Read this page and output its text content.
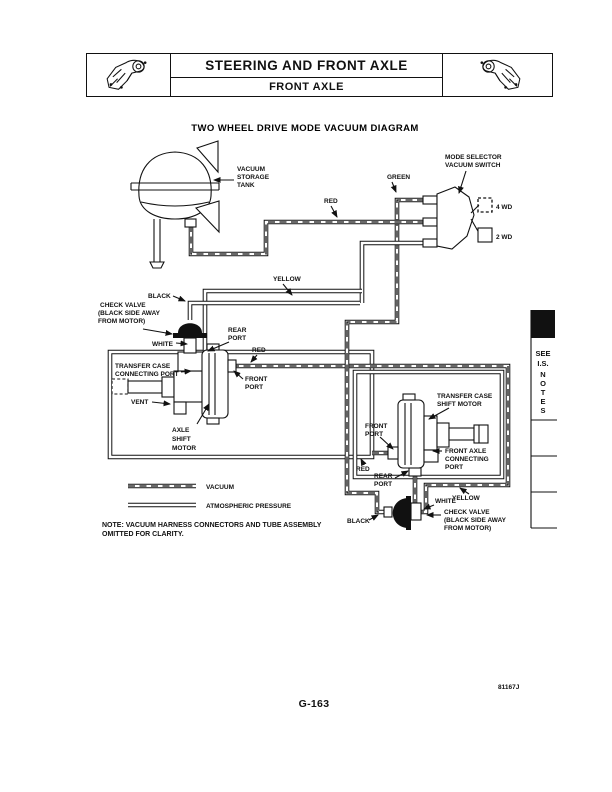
STEERING AND FRONT AXLE
FRONT AXLE
TWO WHEEL DRIVE MODE VACUUM DIAGRAM
VACUUM
STORAGE
TANK
MODE SELECTOR
VACUUM SWITCH
GREEN
RED
4 WD
2 WD
YELLOW
BLACK
CHECK VALVE
(BLACK SIDE AWAY
FROM MOTOR)
WHITE
REAR
PORT
RED
TRANSFER CASE
CONNECTING PORT
FRONT
PORT
VENT
AXLE
SHIFT
MOTOR
TRANSFER CASE
SHIFT MOTOR
FRONT
PORT
RED
FRONT AXLE
CONNECTING
PORT
REAR
PORT
WHITE
YELLOW
CHECK VALVE
(BLACK SIDE AWAY
FROM MOTOR)
BLACK
VACUUM
ATMOSPHERIC PRESSURE
NOTE: VACUUM HARNESS CONNECTORS AND TUBE ASSEMBLY
OMITTED FOR CLARITY.
SEE
I.S.
N
O
T
E
S
81167J
G-163
